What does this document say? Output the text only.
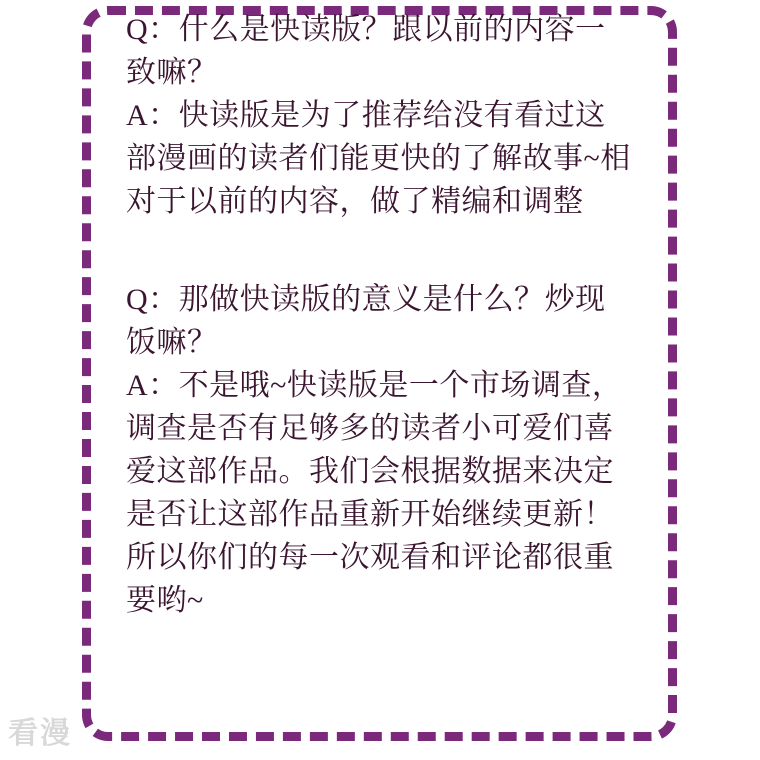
Q：什么是快读版？跟以前的内容一致嘛？

A：快读版是为了推荐给没有看过这部漫画的读者们能更快的了解故事~相对于以前的内容，做了精编和调整

Q：那做快读版的意义是什么？炒现饭嘛？

A：不是哦~快读版是一个市场调查，调查是否有足够多的读者小可爱们喜爱这部作品。我们会根据数据来决定是否让这部作品重新开始继续更新！所以你们的每一次观看和评论都很重要哟~

看漫
